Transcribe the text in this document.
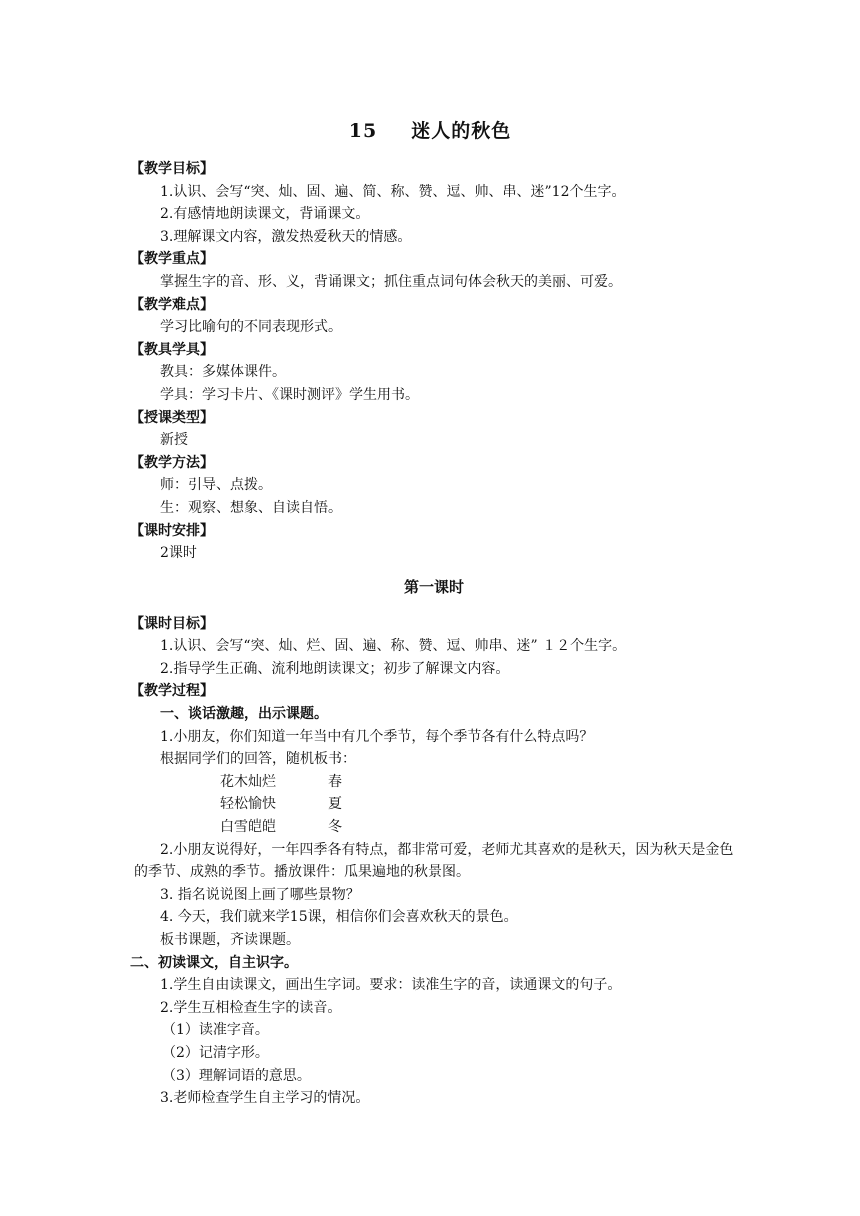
15 迷人的秋色
【教学目标】
1.认识、会写“突、灿、固、遍、简、称、赞、逗、帅、串、迷”12个生字。
2.有感情地朗读课文，背诵课文。
3.理解课文内容，激发热爱秋天的情感。
【教学重点】
掌握生字的音、形、义，背诵课文；抓住重点词句体会秋天的美丽、可爱。
【教学难点】
学习比喻句的不同表现形式。
【教具学具】
教具：多媒体课件。
学具：学习卡片、《课时测评》学生用书。
【授课类型】
新授
【教学方法】
师：引导、点拨。
生：观察、想象、自读自悟。
【课时安排】
2课时
第一课时
【课时目标】
1.认识、会写“突、灿、烂、固、遍、称、赞、逗、帅串、迷” １２个生字。
2.指导学生正确、流利地朗读课文；初步了解课文内容。
【教学过程】
一、谈话激趣，出示课题。
1.小朋友，你们知道一年当中有几个季节，每个季节各有什么特点吗？
根据同学们的回答，随机板书：
花木灿烂	春
轻松愉快	夏
白雪皑皑	冬
2.小朋友说得好，一年四季各有特点，都非常可爱，老师尤其喜欢的是秋天，因为秋天是金色的季节、成熟的季节。播放课件：瓜果遍地的秋景图。
3. 指名说说图上画了哪些景物？
4. 今天，我们就来学15课，相信你们会喜欢秋天的景色。
板书课题，齐读课题。
二、初读课文，自主识字。
1.学生自由读课文，画出生字词。要求：读准生字的音，读通课文的句子。
2.学生互相检查生字的读音。
（1）读准字音。
（2）记清字形。
（3）理解词语的意思。
3.老师检查学生自主学习的情况。
